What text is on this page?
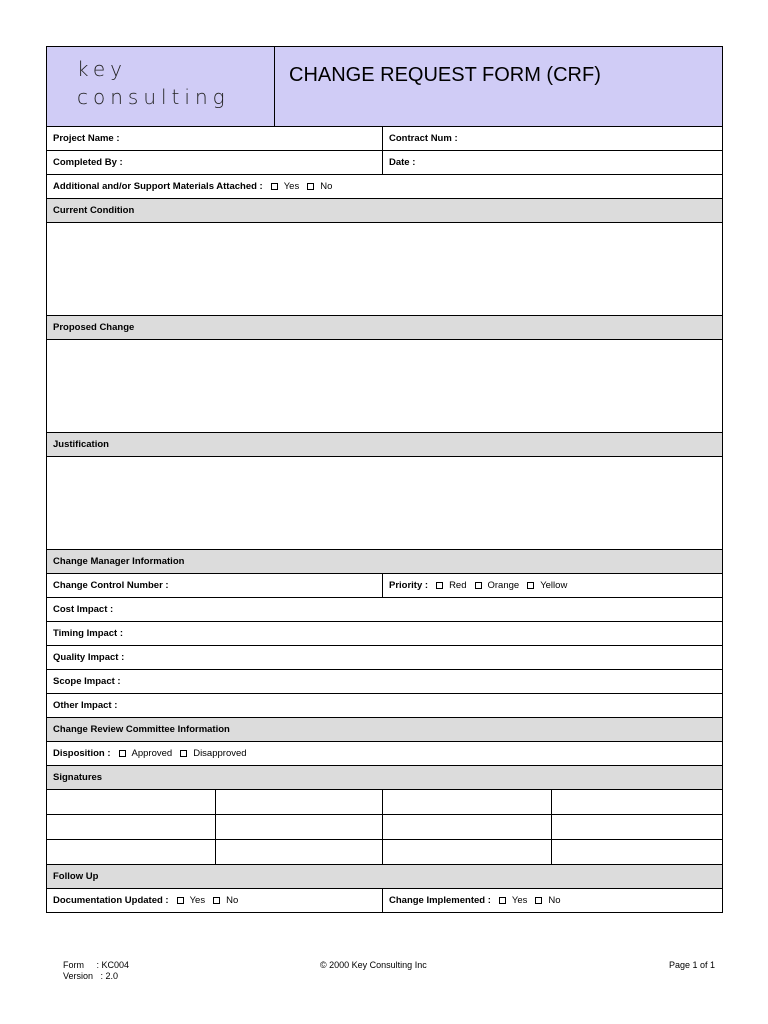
key
consulting
CHANGE REQUEST FORM (CRF)
Project Name :	Contract Num :
Completed By :	Date :
Additional and/or Support Materials Attached : Yes No
Current Condition
Proposed Change
Justification
Change Manager Information
Change Control Number :	Priority : Red Orange Yellow
Cost Impact :
Timing Impact :
Quality Impact :
Scope Impact :
Other Impact :
Change Review Committee Information
Disposition : Approved Disapproved
Signatures
Follow Up
Documentation Updated : Yes No	Change Implemented : Yes No
Form     : KC004
Version   : 2.0
© 2000 Key Consulting Inc	Page 1 of 1
